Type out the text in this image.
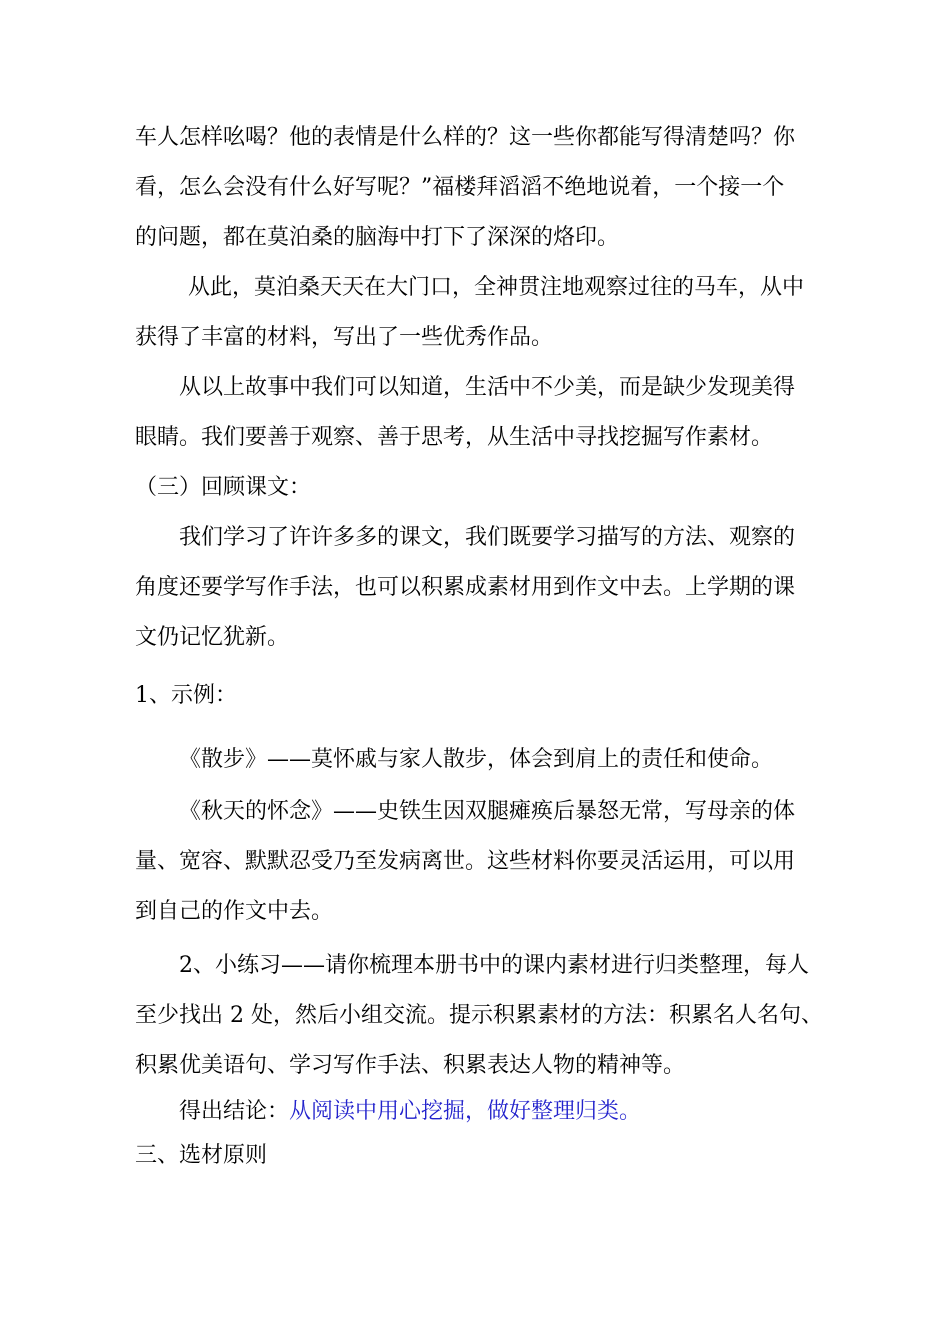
车人怎样吆喝？他的表情是什么样的？这一些你都能写得清楚吗？你
看，怎么会没有什么好写呢？”福楼拜滔滔不绝地说着，一个接一个
的问题，都在莫泊桑的脑海中打下了深深的烙印。
从此，莫泊桑天天在大门口，全神贯注地观察过往的马车，从中
获得了丰富的材料，写出了一些优秀作品。
从以上故事中我们可以知道，生活中不少美，而是缺少发现美得
眼睛。我们要善于观察、善于思考，从生活中寻找挖掘写作素材。
（三）回顾课文：
我们学习了许许多多的课文，我们既要学习描写的方法、观察的
角度还要学写作手法，也可以积累成素材用到作文中去。上学期的课
文仍记忆犹新。
1、示例：
《散步》——莫怀戚与家人散步，体会到肩上的责任和使命。
《秋天的怀念》——史铁生因双腿瘫痪后暴怒无常，写母亲的体
量、宽容、默默忍受乃至发病离世。这些材料你要灵活运用，可以用
到自己的作文中去。
2、小练习——请你梳理本册书中的课内素材进行归类整理，每人
至少找出 2 处，然后小组交流。提示积累素材的方法：积累名人名句、
积累优美语句、学习写作手法、积累表达人物的精神等。
得出结论：从阅读中用心挖掘，做好整理归类。
三、选材原则
